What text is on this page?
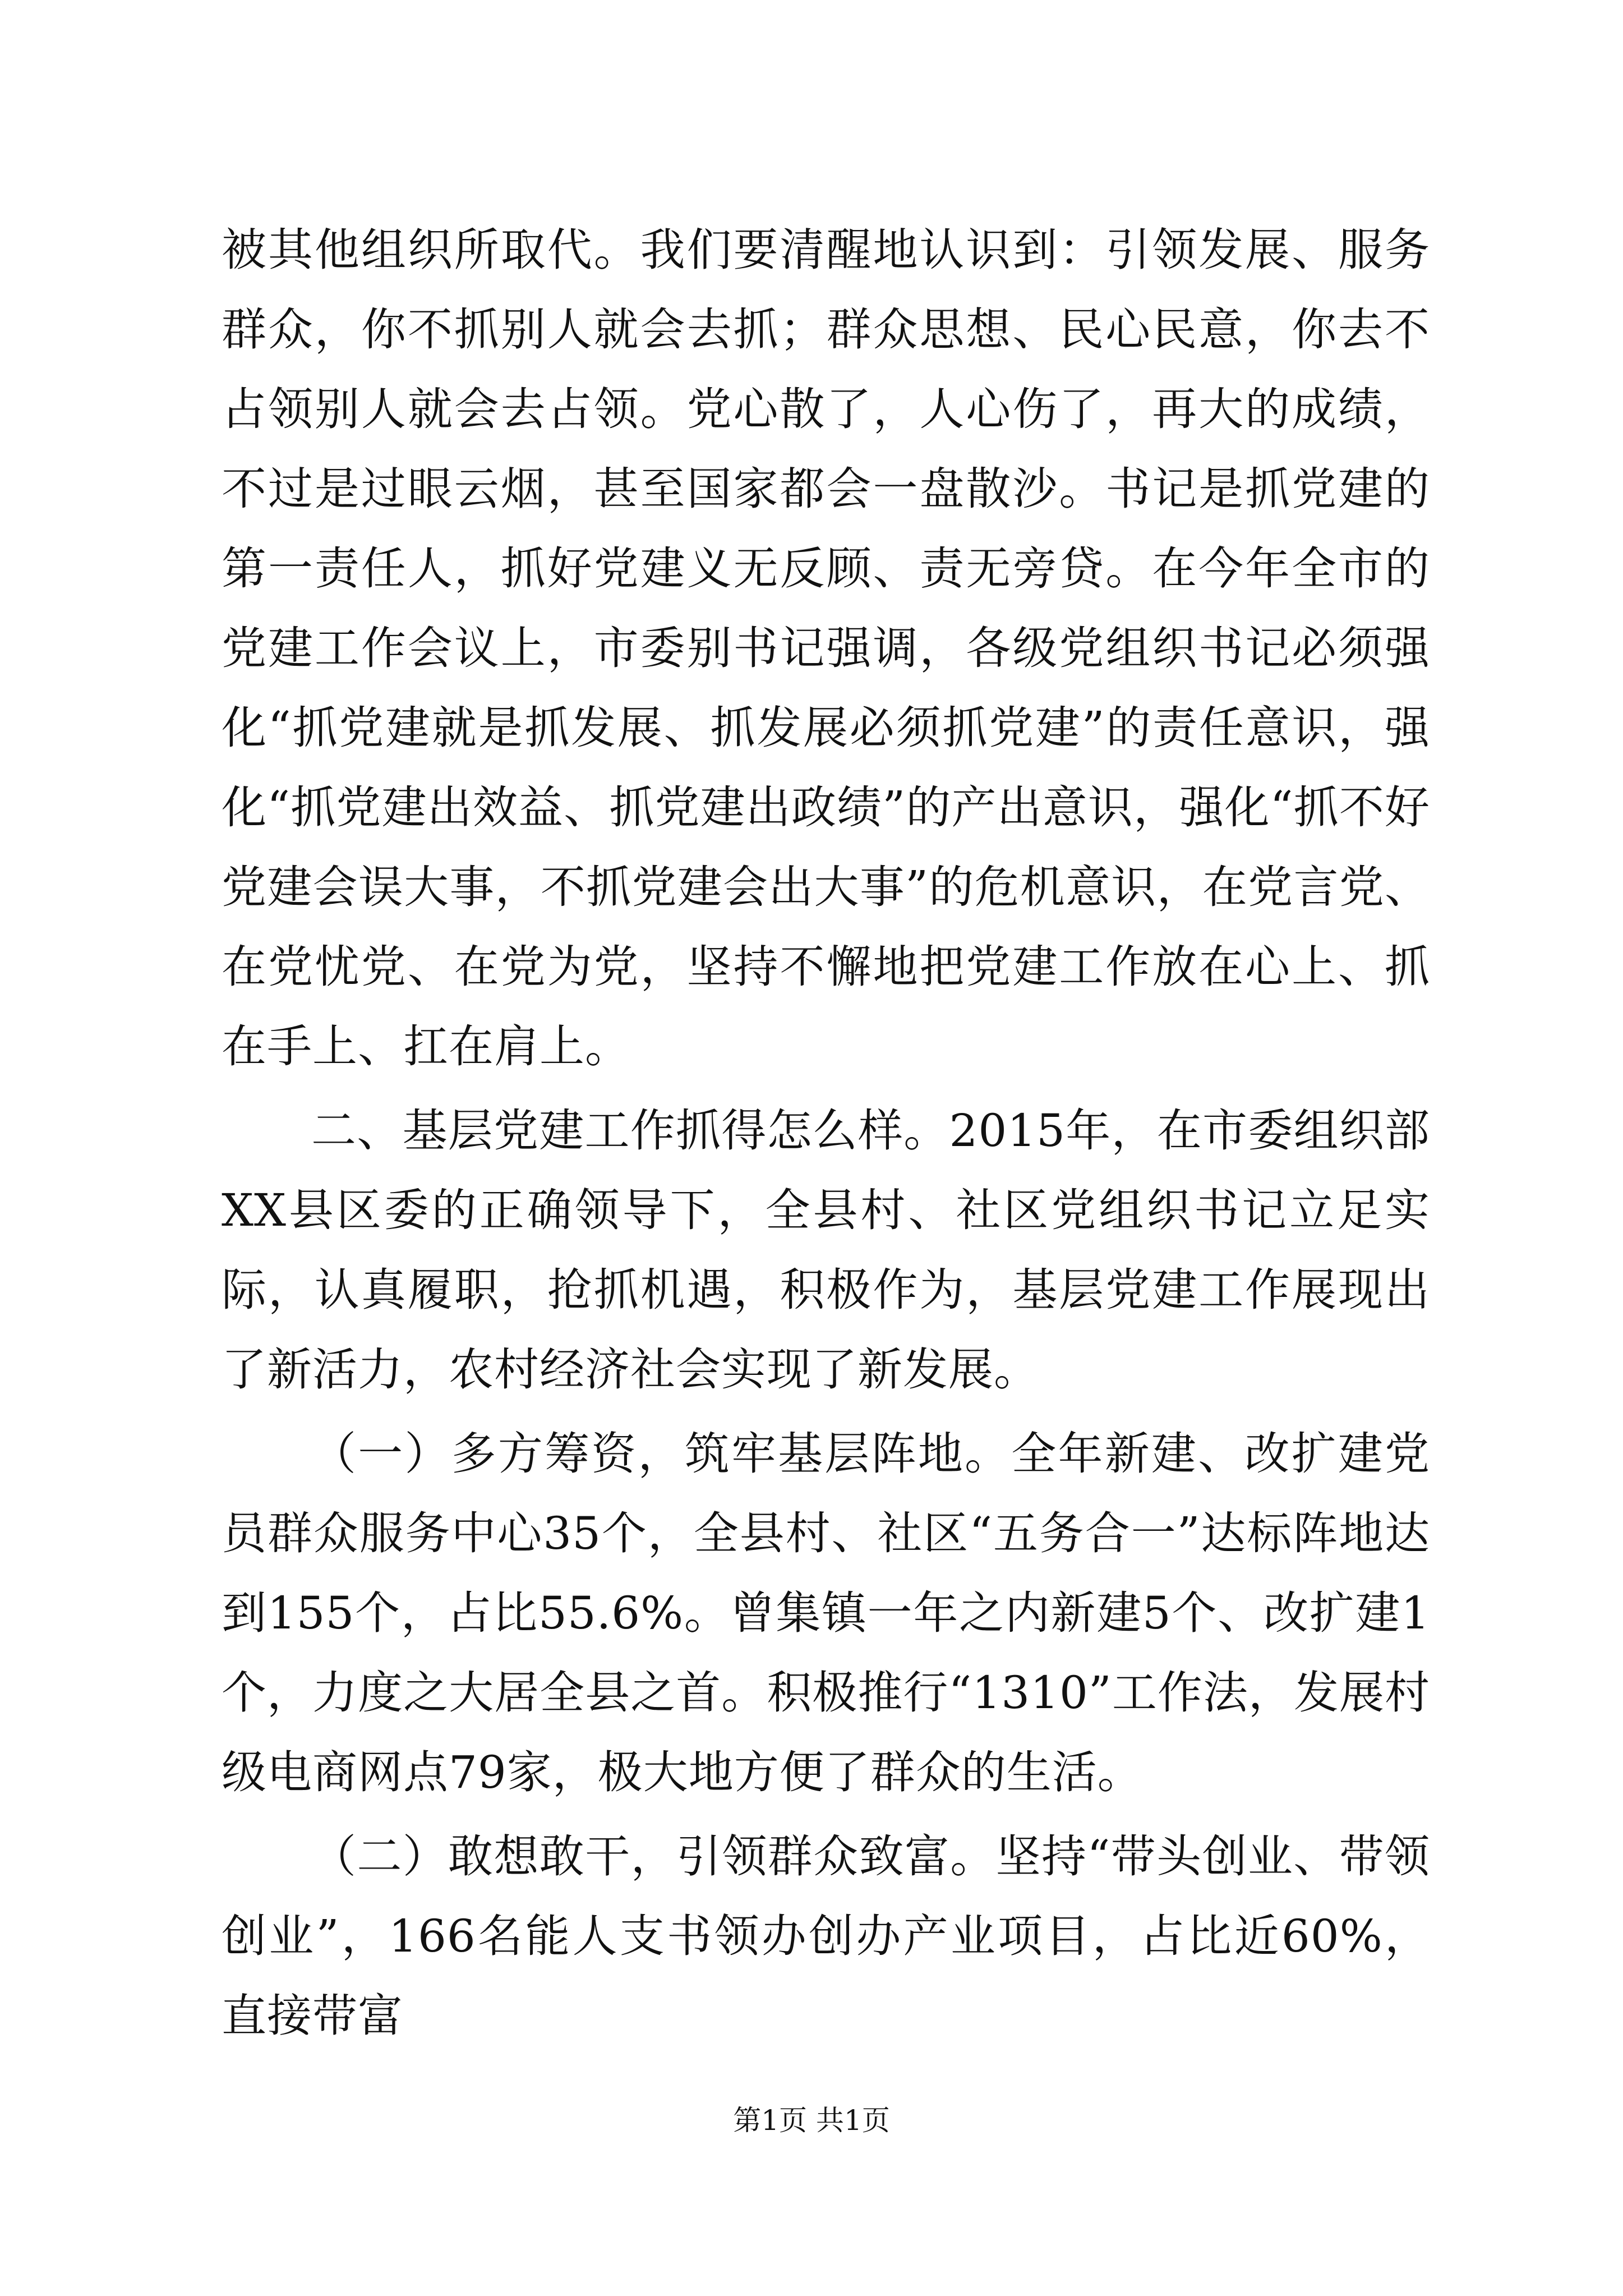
被其他组织所取代。我们要清醒地认识到：引领发展、服务群众，你不抓别人就会去抓；群众思想、民心民意，你去不占领别人就会去占领。党心散了，人心伤了，再大的成绩，不过是过眼云烟，甚至国家都会一盘散沙。书记是抓党建的第一责任人，抓好党建义无反顾、责无旁贷。在今年全市的党建工作会议上，市委别书记强调，各级党组织书记必须强化“抓党建就是抓发展、抓发展必须抓党建”的责任意识，强化“抓党建出效益、抓党建出政绩”的产出意识，强化“抓不好党建会误大事，不抓党建会出大事”的危机意识，在党言党、在党忧党、在党为党，坚持不懈地把党建工作放在心上、抓在手上、扛在肩上。

二、基层党建工作抓得怎么样。2015年，在市委组织部XX县区委的正确领导下，全县村、社区党组织书记立足实际，认真履职，抢抓机遇，积极作为，基层党建工作展现出了新活力，农村经济社会实现了新发展。

（一）多方筹资，筑牢基层阵地。全年新建、改扩建党员群众服务中心35个，全县村、社区“五务合一”达标阵地达到155个，占比55.6%。曾集镇一年之内新建5个、改扩建1个，力度之大居全县之首。积极推行“1310”工作法，发展村级电商网点79家，极大地方便了群众的生活。

（二）敢想敢干，引领群众致富。坚持“带头创业、带领创业”，166名能人支书领办创办产业项目，占比近60%，直接带富

第1页 共1页
